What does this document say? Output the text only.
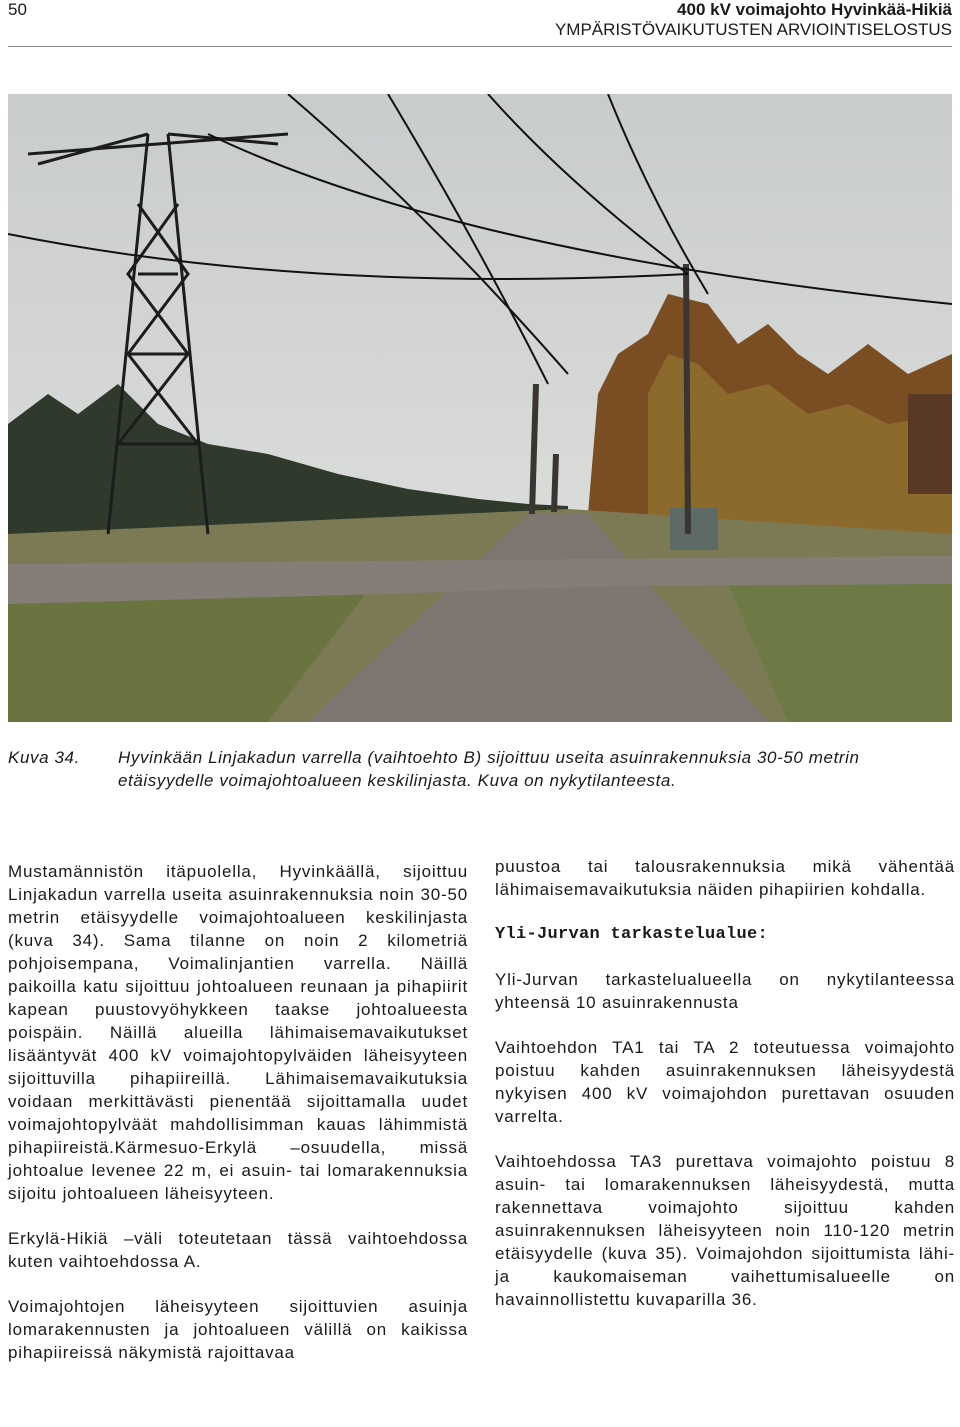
50	400 kV voimajohto Hyvinkää-Hikiä
YMPÄRISTÖVAIKUTUSTEN ARVIOINTISELOSTUS
Kuva 34. Hyvinkään Linjakadun varrella (vaihtoehto B) sijoittuu useita asuinrakennuksia 30-50 metrin etäisyydelle voimajohtoalueen keskilinjasta. Kuva on nykytilanteesta.

Mustamännistön itäpuolella, Hyvinkäällä, sijoittuu Linjakadun varrella useita asuinrakennuksia noin 30-50 metrin etäisyydelle voimajohtoalueen keskilinjasta (kuva 34). Sama tilanne on noin 2 kilometriä pohjoisempana, Voimalinjantien varrella. Näillä paikoilla katu sijoittuu johtoalueen reunaan ja pihapiirit kapean puustovyöhykkeen taakse johtoalueesta poispäin. Näillä alueilla lähimaisemavaikutukset lisääntyvät 400 kV voimajohtopylväiden läheisyyteen sijoittuvilla pihapiireillä. Lähimaisemavaikutuksia voidaan merkittävästi pienentää sijoittamalla uudet voimajohtopylväät mahdollisimman kauas lähimmistä pihapiireistä.Kärmesuo-Erkylä –osuudella, missä johtoalue levenee 22 m, ei asuin- tai lomarakennuksia sijoitu johtoalueen läheisyyteen.

Erkylä-Hikiä –väli toteutetaan tässä vaihtoehdossa kuten vaihtoehdossa A.

Voimajohtojen läheisyyteen sijoittuvien asuinja lomarakennusten ja johtoalueen välillä on kaikissa pihapiireissä näkymistä rajoittavaa

puustoa tai talousrakennuksia mikä vähentää lähimaisemavaikutuksia näiden pihapiirien kohdalla.

Yli-Jurvan tarkastelualue:

Yli-Jurvan tarkastelualueella on nykytilanteessa yhteensä 10 asuinrakennusta

Vaihtoehdon TA1 tai TA 2 toteutuessa voimajohto poistuu kahden asuinrakennuksen läheisyydestä nykyisen 400 kV voimajohdon purettavan osuuden varrelta.

Vaihtoehdossa TA3 purettava voimajohto poistuu 8 asuin- tai lomarakennuksen läheisyydestä, mutta rakennettava voimajohto sijoittuu kahden asuinrakennuksen läheisyyteen noin 110-120 metrin etäisyydelle (kuva 35). Voimajohdon sijoittumista lähi- ja kaukomaiseman vaihettumisalueelle on havainnollistettu kuvaparilla 36.
